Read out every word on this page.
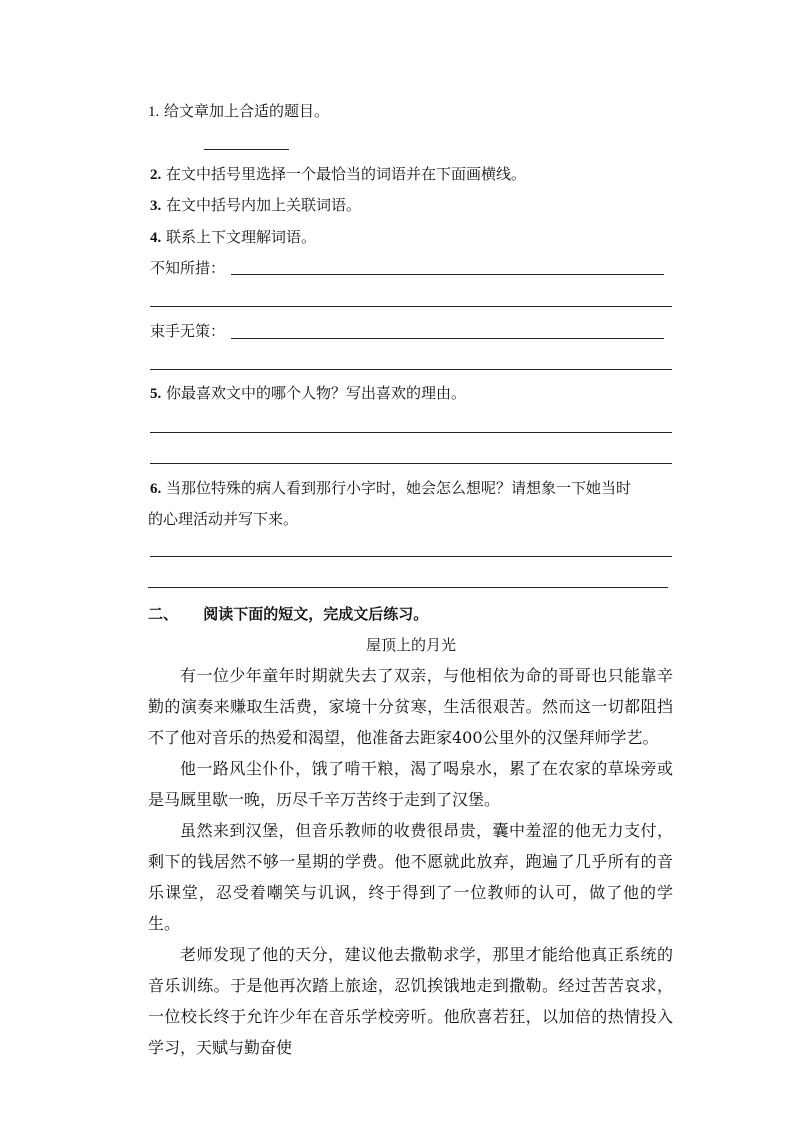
1. 给文章加上合适的题目。
2. 在文中括号里选择一个最恰当的词语并在下面画横线。
3. 在文中括号内加上关联词语。
4. 联系上下文理解词语。
不知所措：
束手无策：
5. 你最喜欢文中的哪个人物？写出喜欢的理由。
6. 当那位特殊的病人看到那行小字时，她会怎么想呢？请想象一下她当时
的心理活动并写下来。
二、 阅读下面的短文，完成文后练习。
屋顶上的月光

有一位少年童年时期就失去了双亲，与他相依为命的哥哥也只能靠辛勤的演奏来赚取生活费，家境十分贫寒，生活很艰苦。然而这一切都阻挡不了他对音乐的热爱和渴望，他准备去距家400公里外的汉堡拜师学艺。

他一路风尘仆仆，饿了啃干粮，渴了喝泉水，累了在农家的草垛旁或是马厩里歇一晚，历尽千辛万苦终于走到了汉堡。

虽然来到汉堡，但音乐教师的收费很昂贵，囊中羞涩的他无力支付，剩下的钱居然不够一星期的学费。他不愿就此放弃，跑遍了几乎所有的音乐课堂，忍受着嘲笑与讥讽，终于得到了一位教师的认可，做了他的学生。

老师发现了他的天分，建议他去撒勒求学，那里才能给他真正系统的音乐训练。于是他再次踏上旅途，忍饥挨饿地走到撒勒。经过苦苦哀求，一位校长终于允许少年在音乐学校旁听。他欣喜若狂，以加倍的热情投入学习，天赋与勤奋使
